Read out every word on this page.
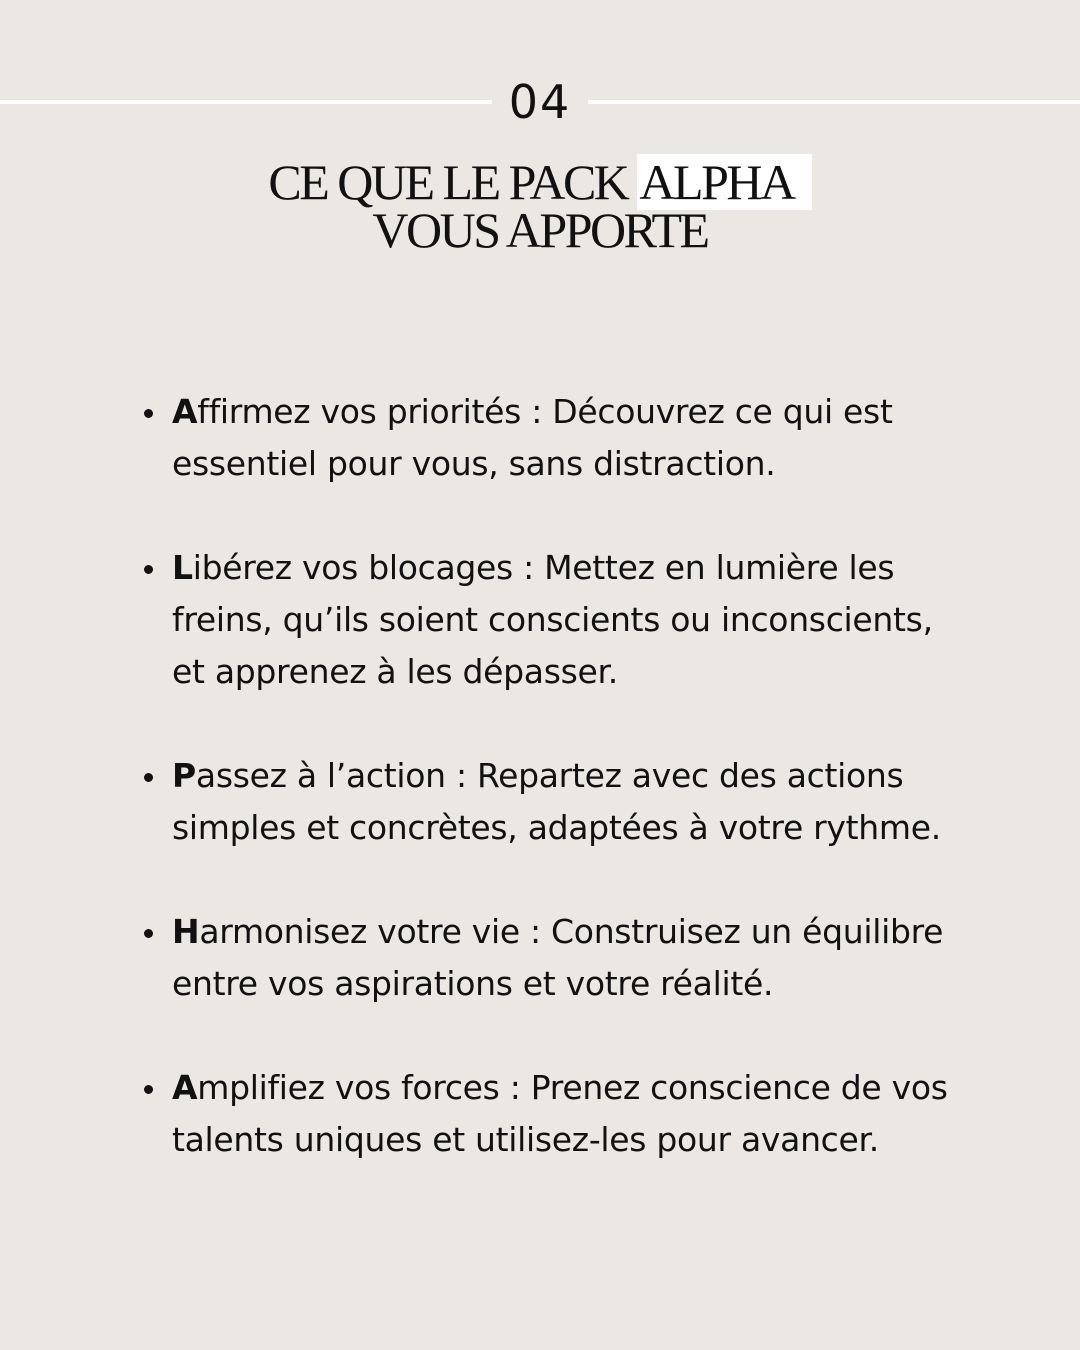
04
CE QUE LE PACK ALPHA
VOUS APPORTE
Affirmez vos priorités : Découvrez ce qui est essentiel pour vous, sans distraction.
Libérez vos blocages : Mettez en lumière les freins, qu’ils soient conscients ou inconscients, et apprenez à les dépasser.
Passez à l’action : Repartez avec des actions simples et concrètes, adaptées à votre rythme.
Harmonisez votre vie : Construisez un équilibre entre vos aspirations et votre réalité.
Amplifiez vos forces : Prenez conscience de vos talents uniques et utilisez-les pour avancer.
